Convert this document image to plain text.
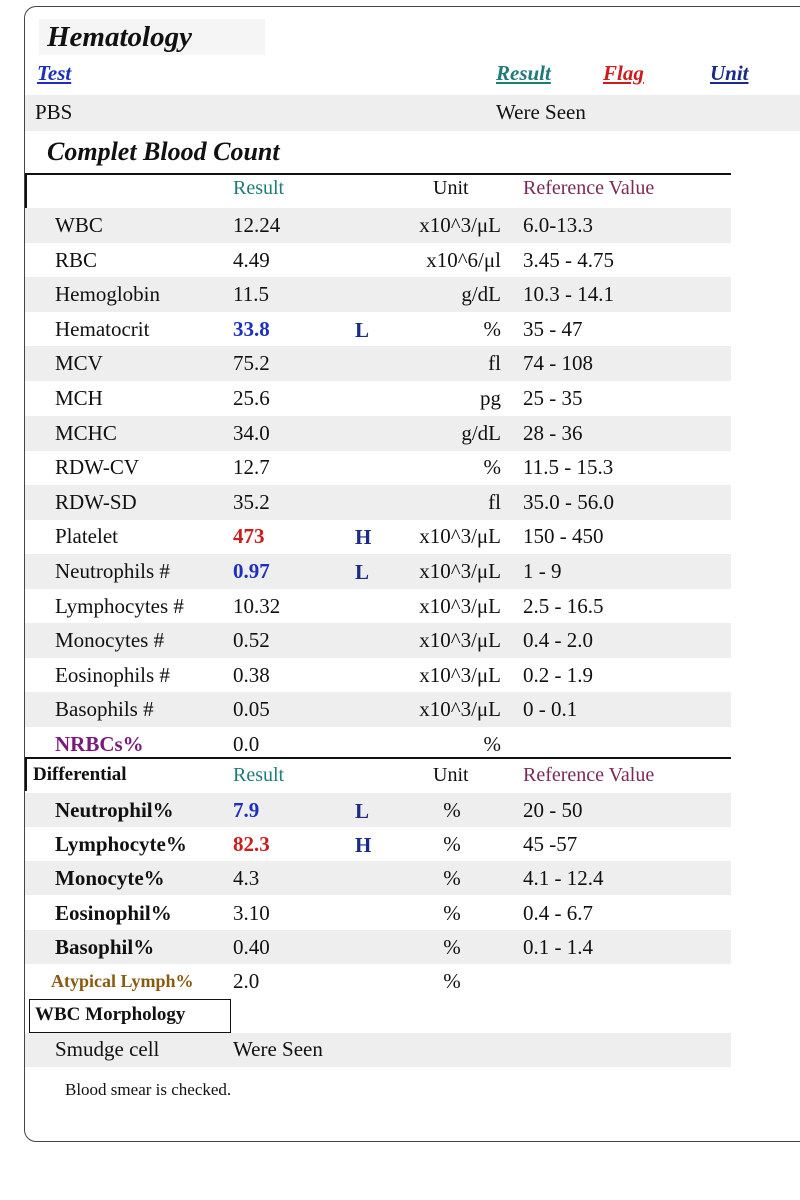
Hematology
Test	Result Flag	Unit
PBS	Were Seen
Complet Blood Count
Result	Unit	Reference Value
WBC	12.24	x10^3/μL 6.0-13.3
RBC	4.49	x10^6/μl 3.45 - 4.75
Hemoglobin	11.5	g/dL 10.3 - 14.1
Hematocrit	33.8	L	% 35 - 47
MCV	75.2	fl 74 - 108
MCH	25.6	pg 25 - 35
MCHC	34.0	g/dL 28 - 36
RDW-CV	12.7	% 11.5 - 15.3
RDW-SD	35.2	fl 35.0 - 56.0
Platelet	473	H	x10^3/μL 150 - 450
Neutrophils #	0.97	L	x10^3/μL 1 - 9
Lymphocytes # 10.32	x10^3/μL 2.5 - 16.5
Monocytes #	0.52	x10^3/μL 0.4 - 2.0
Eosinophils #	0.38	x10^3/μL 0.2 - 1.9
Basophils #	0.05	x10^3/μL 0 - 0.1
NRBCs%	0.0	%
Differential	Result	Unit	Reference Value
Neutrophil%	7.9	L	%	20 - 50
Lymphocyte% 82.3	H	%	45 -57
Monocyte%	4.3	%	4.1 - 12.4
Eosinophil%	3.10	%	0.4 - 6.7
Basophil%	0.40	%	0.1 - 1.4
Atypical Lymph% 2.0	%
WBC Morphology
Smudge cell	Were Seen
Blood smear is checked.
